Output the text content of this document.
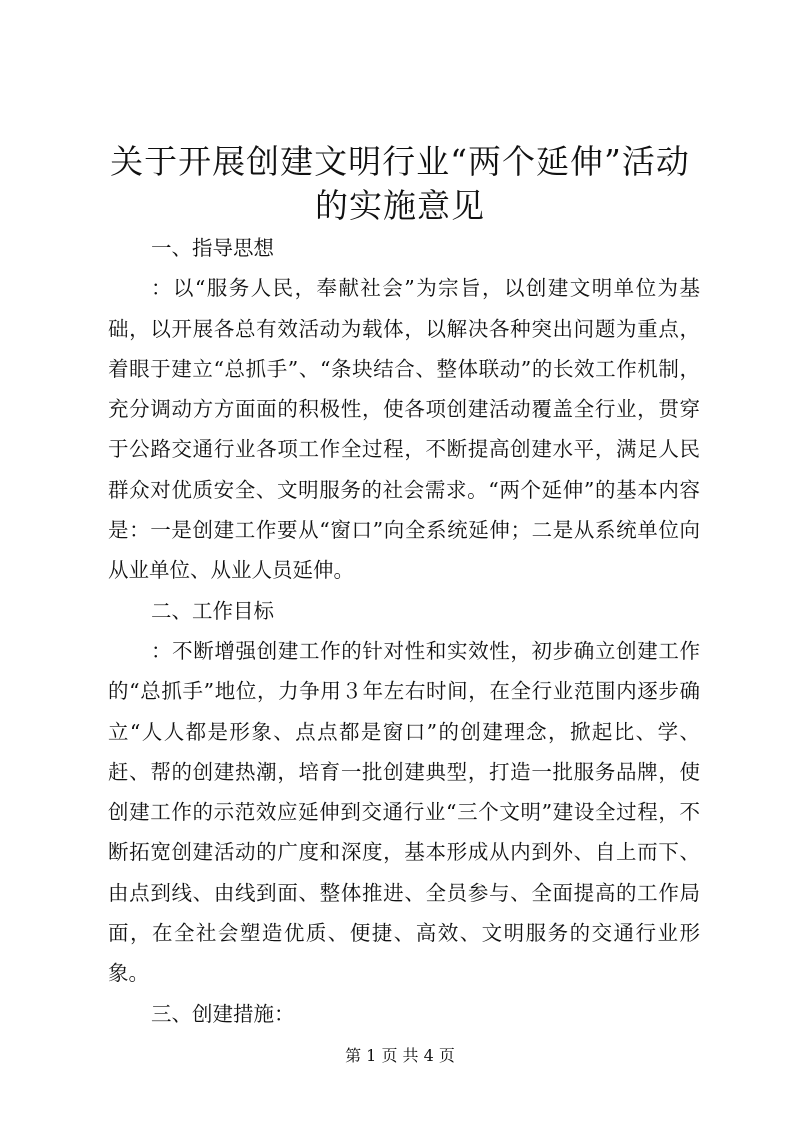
关于开展创建文明行业“两个延伸”活动的实施意见

一、指导思想

：以“服务人民，奉献社会”为宗旨，以创建文明单位为基础，以开展各总有效活动为载体，以解决各种突出问题为重点，着眼于建立“总抓手”、“条块结合、整体联动”的长效工作机制，充分调动方方面面的积极性，使各项创建活动覆盖全行业，贯穿于公路交通行业各项工作全过程，不断提高创建水平，满足人民群众对优质安全、文明服务的社会需求。“两个延伸”的基本内容是：一是创建工作要从“窗口”向全系统延伸；二是从系统单位向从业单位、从业人员延伸。

二、工作目标

：不断增强创建工作的针对性和实效性，初步确立创建工作的“总抓手”地位，力争用３年左右时间，在全行业范围内逐步确立“人人都是形象、点点都是窗口”的创建理念，掀起比、学、赶、帮的创建热潮，培育一批创建典型，打造一批服务品牌，使创建工作的示范效应延伸到交通行业“三个文明”建设全过程，不断拓宽创建活动的广度和深度，基本形成从内到外、自上而下、由点到线、由线到面、整体推进、全员参与、全面提高的工作局面，在全社会塑造优质、便捷、高效、文明服务的交通行业形象。

三、创建措施：

第 1 页 共 4 页
